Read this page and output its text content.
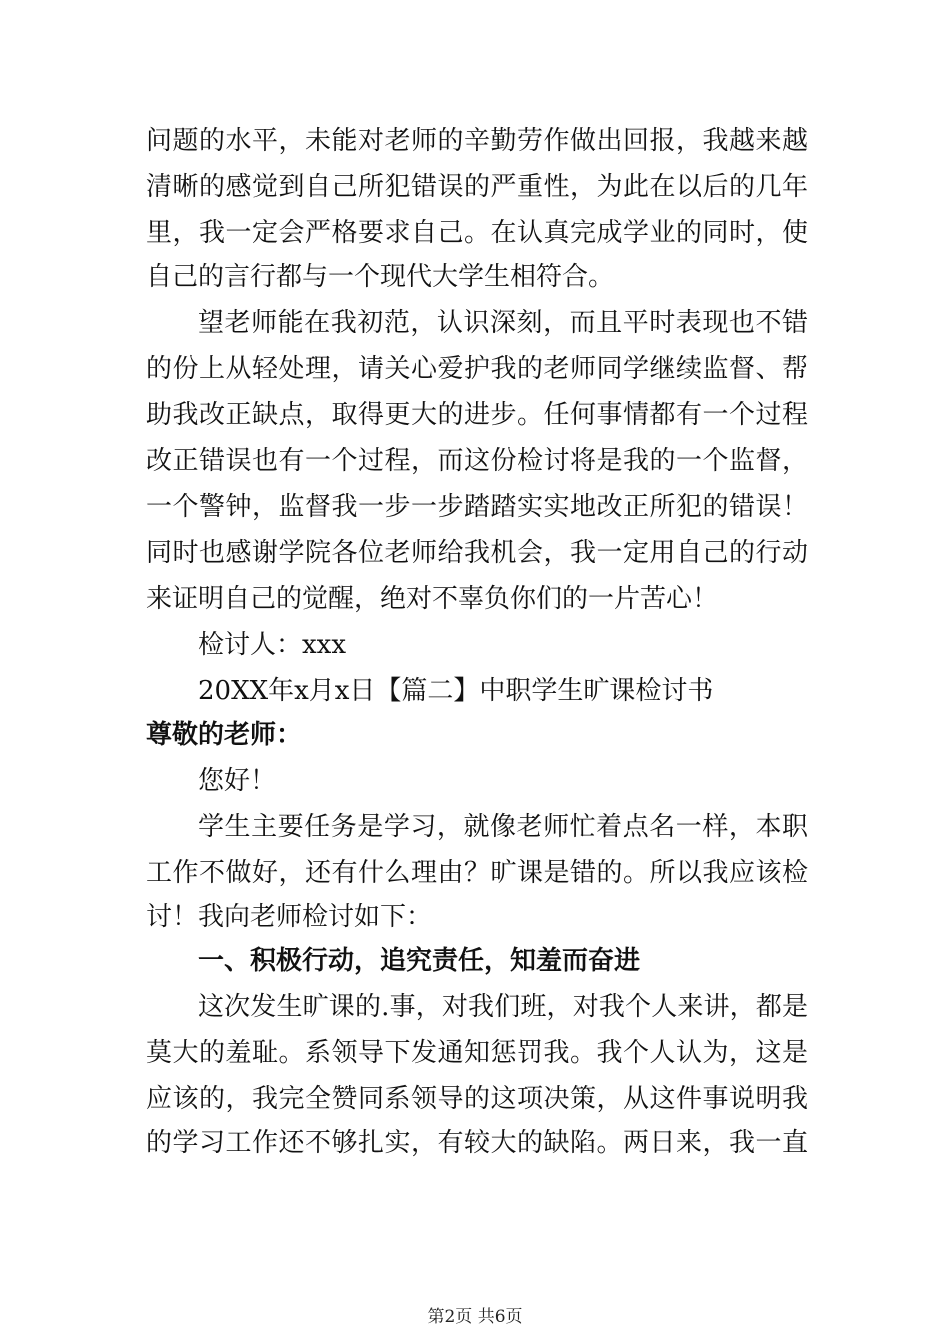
问题的水平，未能对老师的辛勤劳作做出回报，我越来越
清晰的感觉到自己所犯错误的严重性，为此在以后的几年
里，我一定会严格要求自己。在认真完成学业的同时，使
自己的言行都与一个现代大学生相符合。
望老师能在我初范，认识深刻，而且平时表现也不错
的份上从轻处理，请关心爱护我的老师同学继续监督、帮
助我改正缺点，取得更大的进步。任何事情都有一个过程
改正错误也有一个过程，而这份检讨将是我的一个监督，
一个警钟，监督我一步一步踏踏实实地改正所犯的错误！
同时也感谢学院各位老师给我机会，我一定用自己的行动
来证明自己的觉醒，绝对不辜负你们的一片苦心！
检讨人：xxx
20XX年x月x日【篇二】中职学生旷课检讨书
尊敬的老师：
您好！
学生主要任务是学习，就像老师忙着点名一样，本职
工作不做好，还有什么理由？旷课是错的。所以我应该检
讨！我向老师检讨如下：
一、积极行动，追究责任，知羞而奋进
这次发生旷课的.事，对我们班，对我个人来讲，都是
莫大的羞耻。系领导下发通知惩罚我。我个人认为，这是
应该的，我完全赞同系领导的这项决策，从这件事说明我
的学习工作还不够扎实，有较大的缺陷。两日来，我一直
第2页 共6页
